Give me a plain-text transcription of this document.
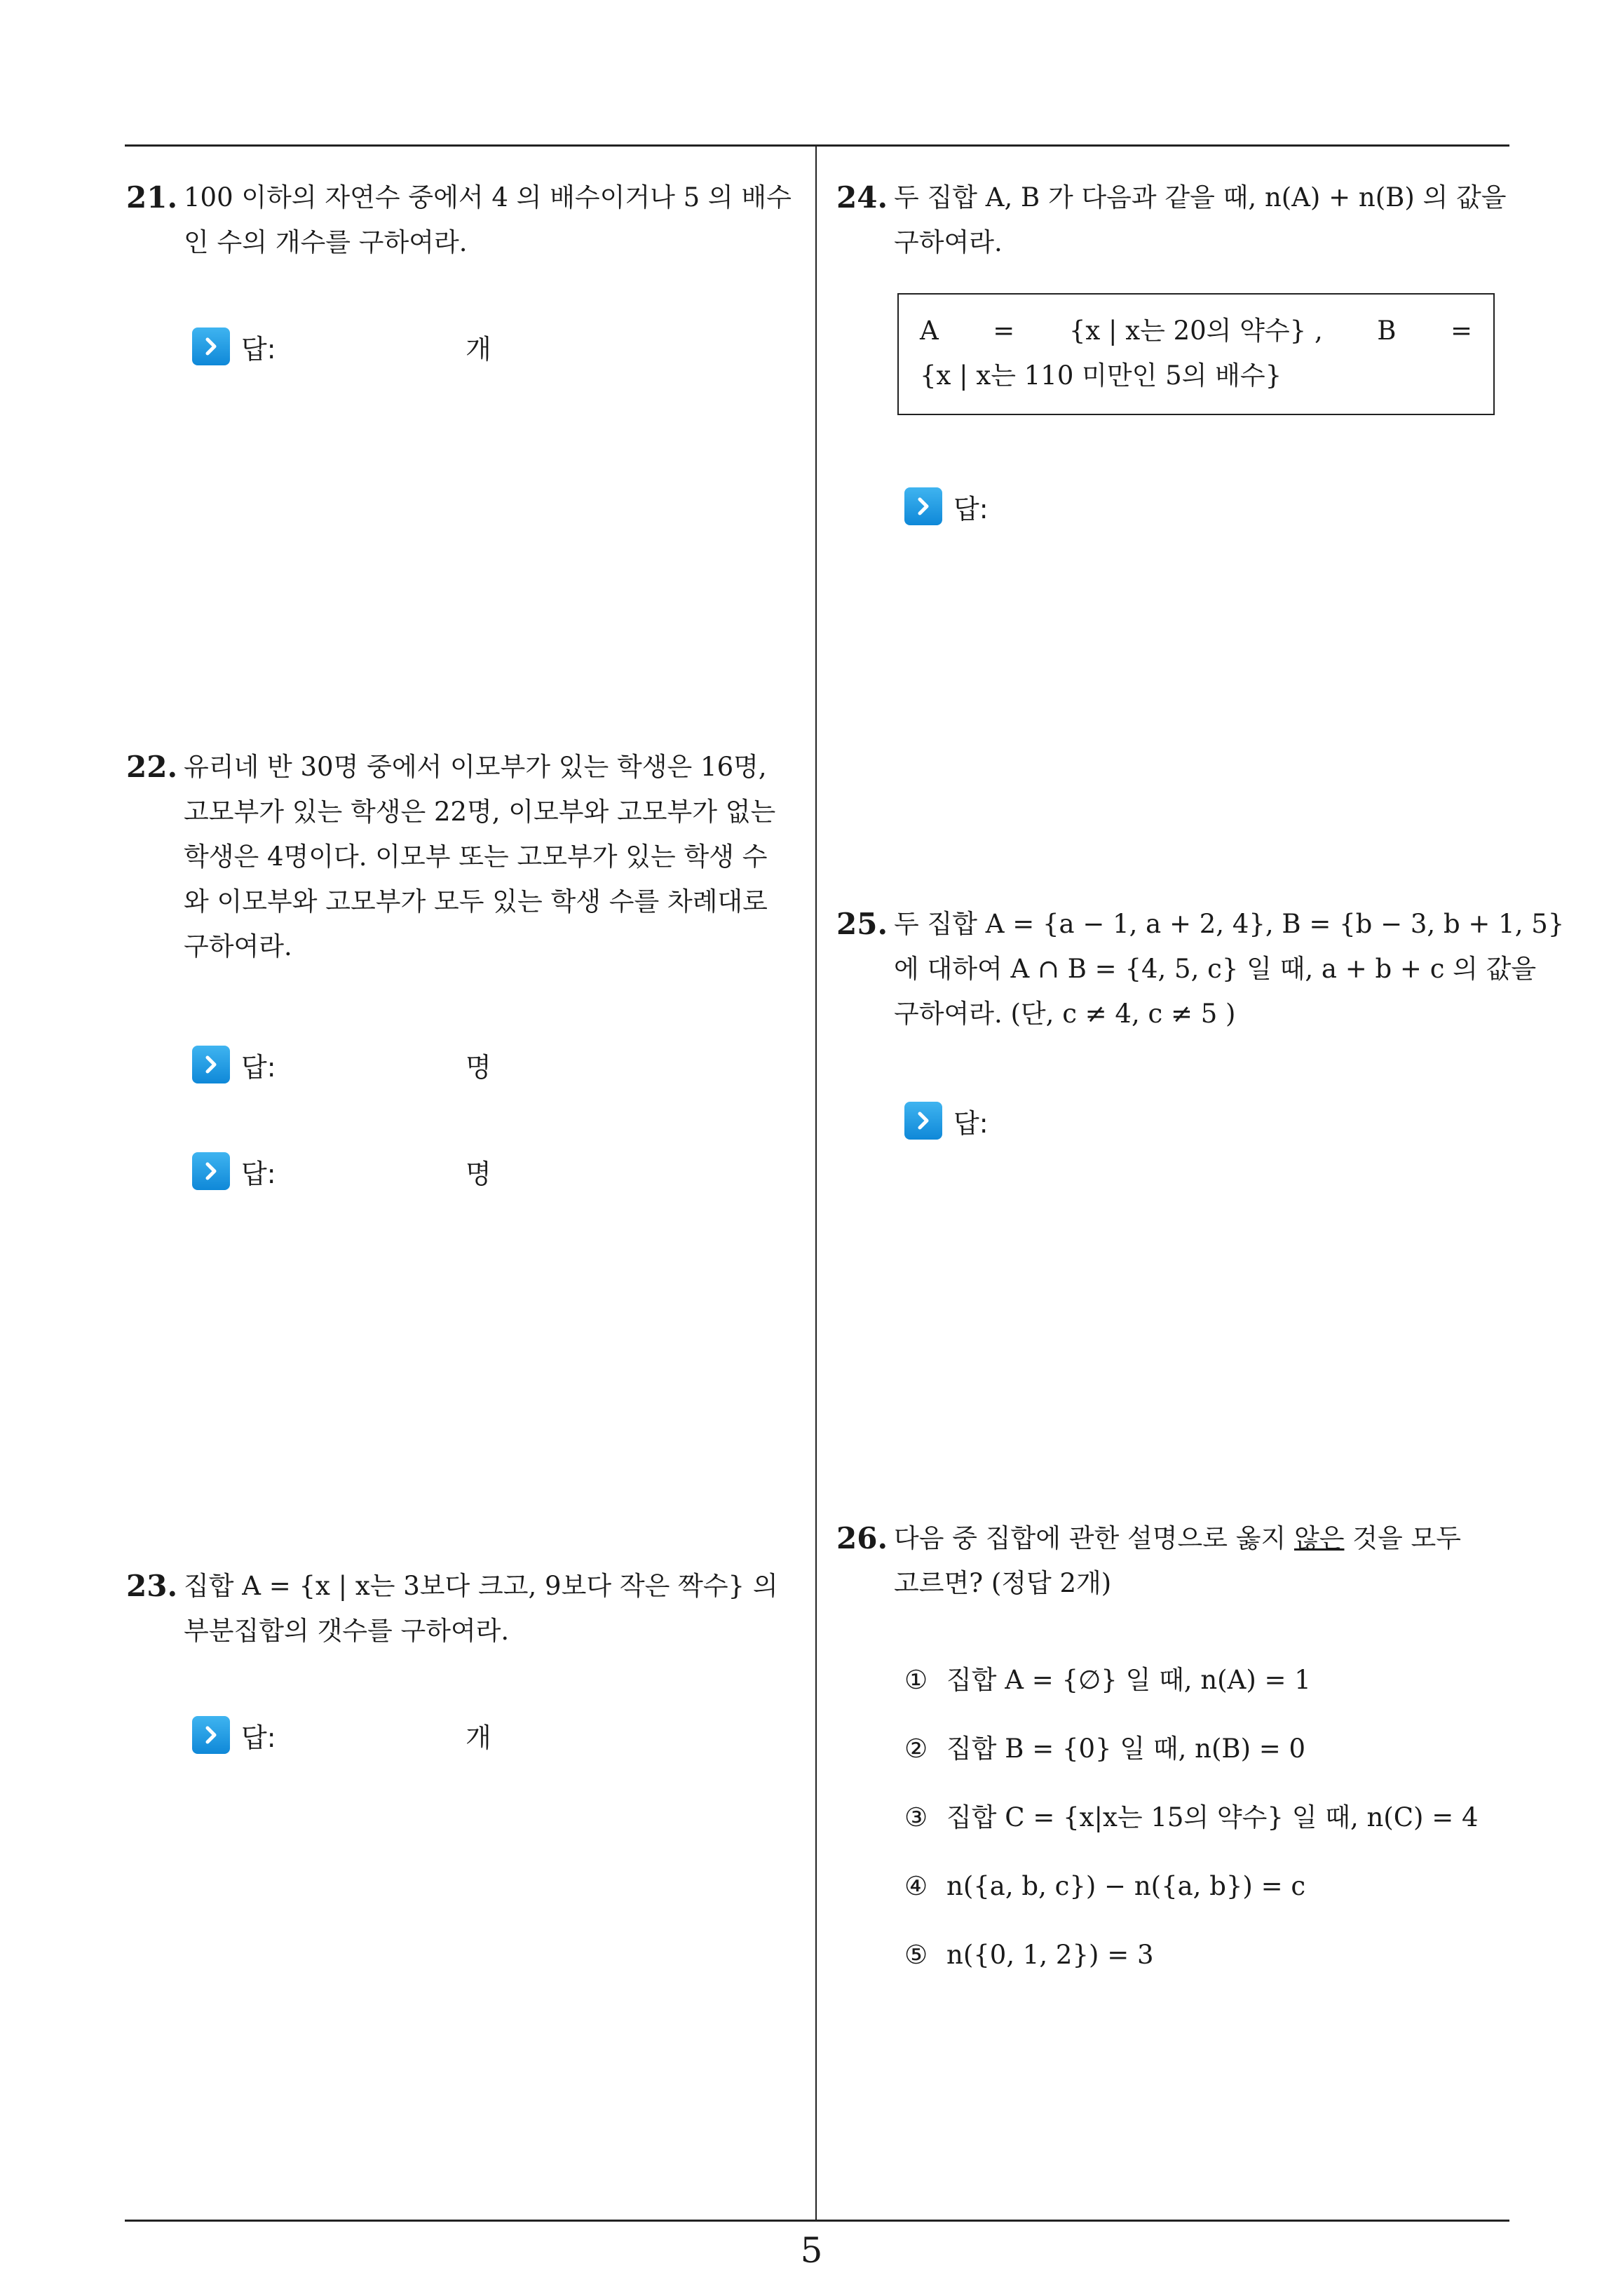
21. 100 이하의 자연수 중에서 4 의 배수이거나 5 의 배수
인 수의 개수를 구하여라.
답:	개
22. 유리네 반 30명 중에서 이모부가 있는 학생은 16명,
고모부가 있는 학생은 22명, 이모부와 고모부가 없는
학생은 4명이다. 이모부 또는 고모부가 있는 학생 수
와 이모부와 고모부가 모두 있는 학생 수를 차례대로
구하여라.
답:	명
답:	명
23. 집합 A = {x | x는 3보다 크고, 9보다 작은 짝수} 의
부분집합의 갯수를 구하여라.
답:	개
24. 두 집합 A, B 가 다음과 같을 때, n(A) + n(B) 의 값을
구하여라.
A = {x | x는 20의 약수} , B =
{x | x는 110 미만인 5의 배수}
답:
25. 두 집합 A = {a − 1, a + 2, 4}, B = {b − 3, b + 1, 5}
에 대하여 A ∩ B = {4, 5, c} 일 때, a + b + c 의 값을
구하여라. (단, c ≠ 4, c ≠ 5 )
답:
26. 다음 중 집합에 관한 설명으로 옳지 않은 것을 모두
고르면? (정답 2개)
① 집합 A = {∅} 일 때, n(A) = 1
② 집합 B = {0} 일 때, n(B) = 0
③ 집합 C = {x|x는 15의 약수} 일 때, n(C) = 4
④ n({a, b, c}) − n({a, b}) = c
⑤ n({0, 1, 2}) = 3
5
